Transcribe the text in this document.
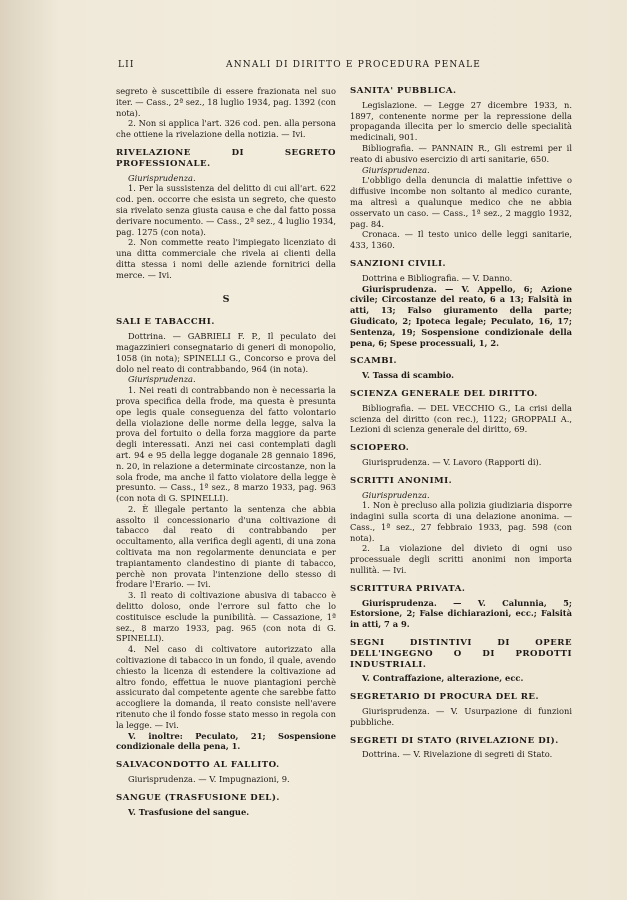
LII	ANNALI DI DIRITTO E PROCEDURA PENALE

segreto è suscettibile di essere frazionata nel suo iter. — Cass., 2ª sez., 18 luglio 1934, pag. 1392 (con nota).

2. Non si applica l'art. 326 cod. pen. alla persona che ottiene la rivelazione della notizia. — Ivi.

RIVELAZIONE DI SEGRETO PROFESSIONALE.

Giurisprudenza.

1. Per la sussistenza del delitto di cui all'art. 622 cod. pen. occorre che esista un segreto, che questo sia rivelato senza giusta causa e che dal fatto possa derivare nocumento. — Cass., 2ª sez., 4 luglio 1934, pag. 1275 (con nota).

2. Non commette reato l'impiegato licenziato di una ditta commerciale che rivela ai clienti della ditta stessa i nomi delle aziende fornitrici della merce. — Ivi.

S
SALI E TABACCHI.

Dottrina. — GABRIELI F. P., Il peculato dei magazzinieri consegnatario di generi di monopolio, 1058 (in nota); SPINELLI G., Concorso e prova del dolo nel reato di contrabbando, 964 (in nota).

Giurisprudenza.

1. Nei reati di contrabbando non è necessaria la prova specifica della frode, ma questa è presunta ope legis quale conseguenza del fatto volontario della violazione delle norme della legge, salva la prova del fortuito o della forza maggiore da parte degli interessati. Anzi nei casi contemplati dagli art. 94 e 95 della legge doganale 28 gennaio 1896, n. 20, in relazione a determinate circostanze, non la sola frode, ma anche il fatto violatore della legge è presunto. — Cass., 1ª sez., 8 marzo 1933, pag. 963 (con nota di G. SPINELLI).

2. È illegale pertanto la sentenza che abbia assolto il concessionario d'una coltivazione di tabacco dal reato di contrabbando per occultamento, alla verifica degli agenti, di una zona coltivata ma non regolarmente denunciata e per trapiantamento clandestino di piante di tabacco, perchè non provata l'intenzione dello stesso di frodare l'Erario. — Ivi.

3. Il reato di coltivazione abusiva di tabacco è delitto doloso, onde l'errore sul fatto che lo costituisce esclude la punibilità. — Cassazione, 1ª sez., 8 marzo 1933, pag. 965 (con nota di G. SPINELLI).

4. Nel caso di coltivatore autorizzato alla coltivazione di tabacco in un fondo, il quale, avendo chiesto la licenza di estendere la coltivazione ad altro fondo, effettua le nuove piantagioni perchè assicurato dal competente agente che sarebbe fatto accogliere la domanda, il reato consiste nell'avere ritenuto che il fondo fosse stato messo in regola con la legge. — Ivi.

V. inoltre: Peculato, 21; Sospensione condizionale della pena, 1.

SALVACONDOTTO AL FALLITO.

Giurisprudenza. — V. Impugnazioni, 9.

SANGUE (TRASFUSIONE DEL).

V. Trasfusione del sangue.

SANITA' PUBBLICA.

Legislazione. — Legge 27 dicembre 1933, n. 1897, contenente norme per la repressione della propaganda illecita per lo smercio delle specialità medicinali, 901.

Bibliografia. — PANNAIN R., Gli estremi per il reato di abusivo esercizio di arti sanitarie, 650.

Giurisprudenza.

L'obbligo della denuncia di malattie infettive o diffusive incombe non soltanto al medico curante, ma altresì a qualunque medico che ne abbia osservato un caso. — Cass., 1ª sez., 2 maggio 1932, pag. 84.

Cronaca. — Il testo unico delle leggi sanitarie, 433, 1360.

SANZIONI CIVILI.

Dottrina e Bibliografia. — V. Danno.

Giurisprudenza. — V. Appello, 6; Azione civile; Circostanze del reato, 6 a 13; Falsità in atti, 13; Falso giuramento della parte; Giudicato, 2; Ipoteca legale; Peculato, 16, 17; Sentenza, 19; Sospensione condizionale della pena, 6; Spese processuali, 1, 2.

SCAMBI.

V. Tassa di scambio.

SCIENZA GENERALE DEL DIRITTO.

Bibliografia. — DEL VECCHIO G., La crisi della scienza del diritto (con rec.), 1122; GROPPALI A., Lezioni di scienza generale del diritto, 69.

SCIOPERO.

Giurisprudenza. — V. Lavoro (Rapporti di).

SCRITTI ANONIMI.

Giurisprudenza.

1. Non è precluso alla polizia giudiziaria disporre indagini sulla scorta di una delazione anonima. — Cass., 1ª sez., 27 febbraio 1933, pag. 598 (con nota).

2. La violazione del divieto di ogni uso processuale degli scritti anonimi non importa nullità. — Ivi.

SCRITTURA PRIVATA.

Giurisprudenza. — V. Calunnia, 5; Estorsione, 2; False dichiarazioni, ecc.; Falsità in atti, 7 a 9.

SEGNI DISTINTIVI DI OPERE DELL'INGEGNO O DI PRODOTTI INDUSTRIALI.

V. Contraffazione, alterazione, ecc.

SEGRETARIO DI PROCURA DEL RE.

Giurisprudenza. — V. Usurpazione di funzioni pubbliche.

SEGRETI DI STATO (RIVELAZIONE DI).

Dottrina. — V. Rivelazione di segreti di Stato.
